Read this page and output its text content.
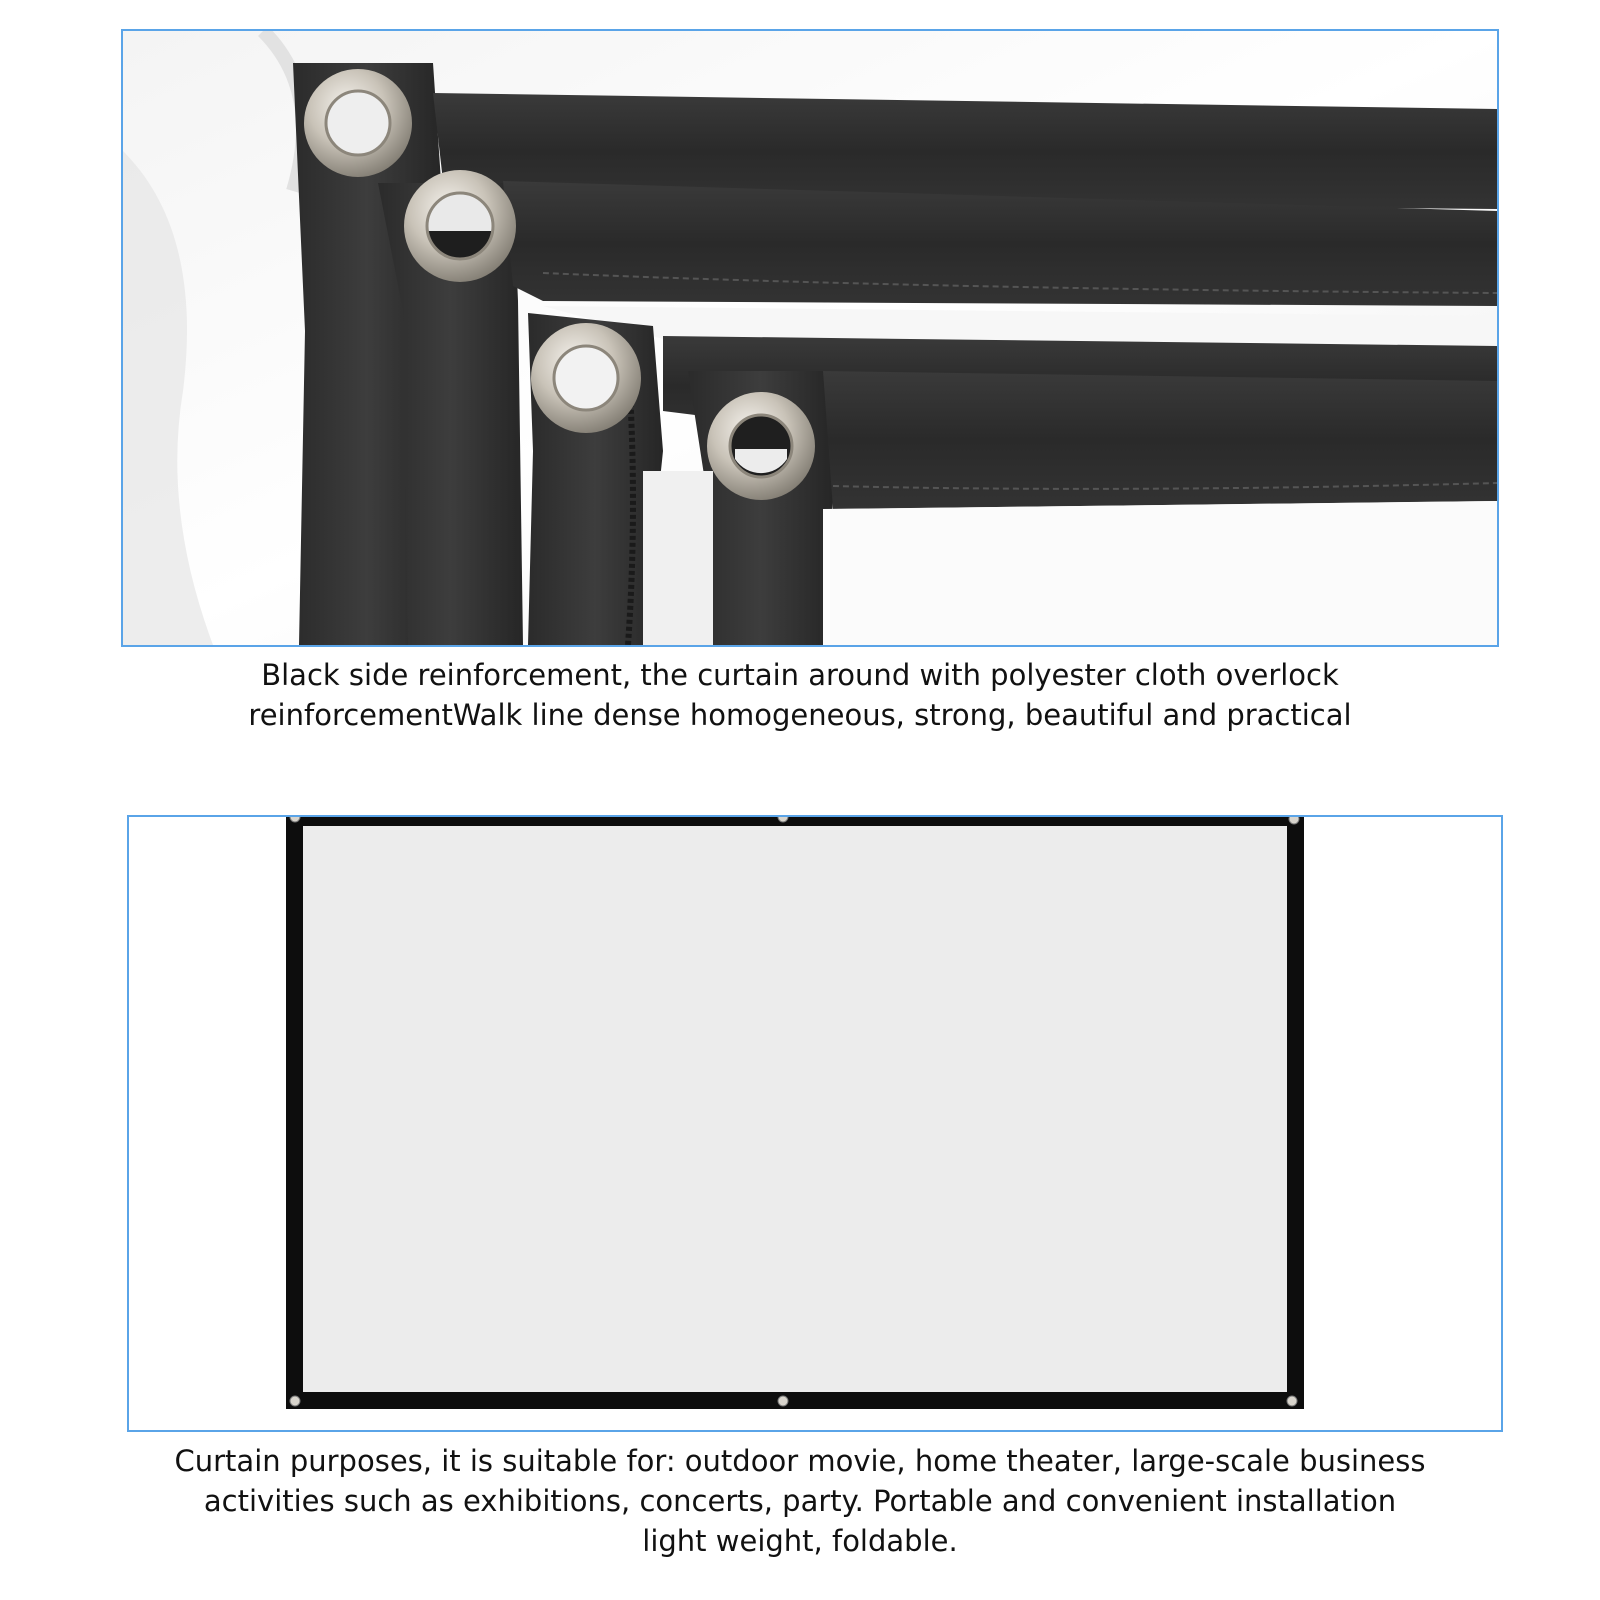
Black side reinforcement, the curtain around with polyester cloth overlock
reinforcementWalk line dense homogeneous, strong, beautiful and practical

Curtain purposes, it is suitable for: outdoor movie, home theater, large-scale business
activities such as exhibitions, concerts, party. Portable and convenient installation
light weight, foldable.
